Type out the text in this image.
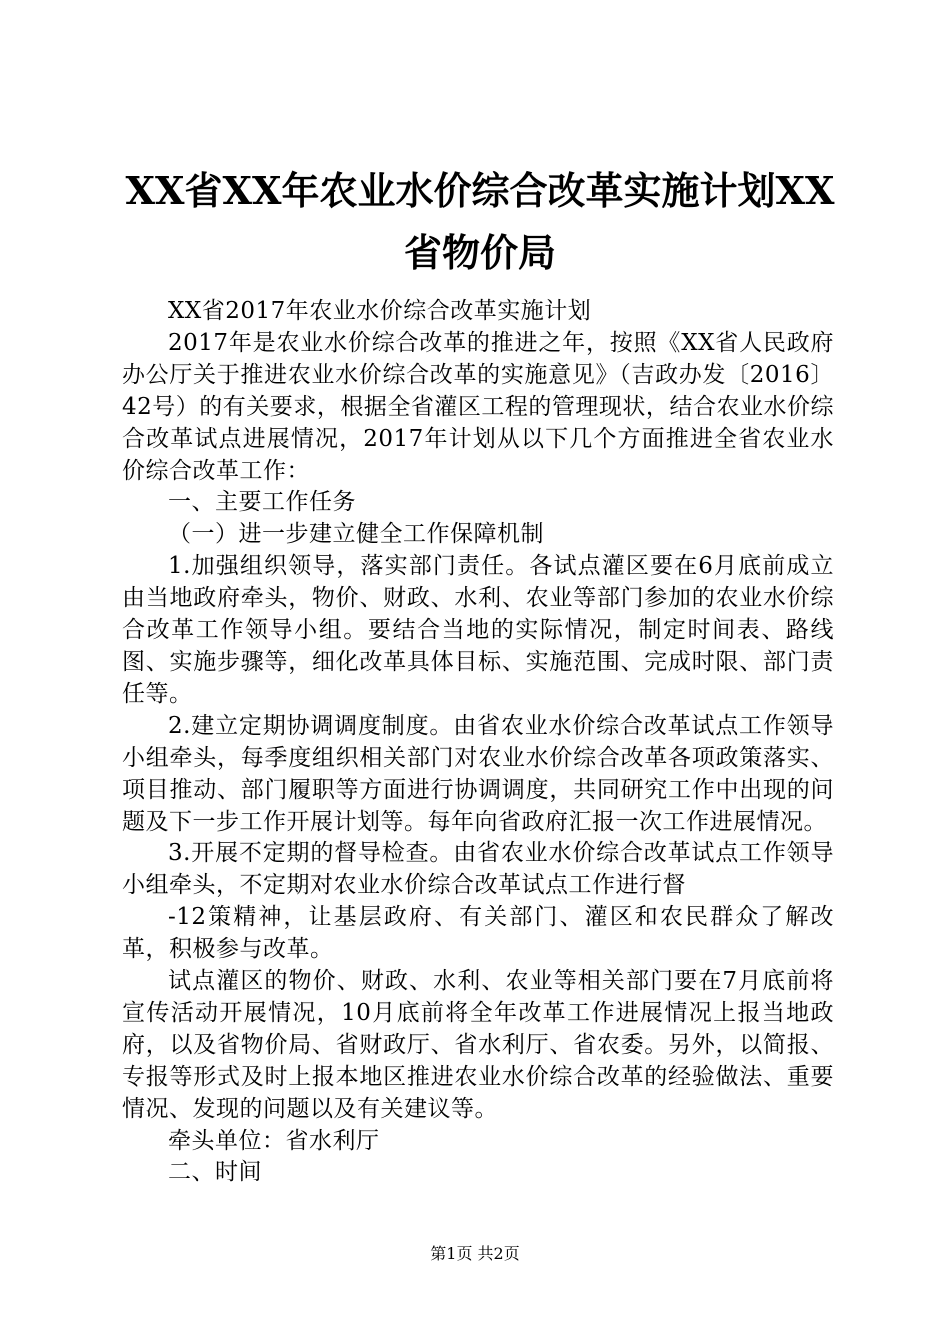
XX省XX年农业水价综合改革实施计划XX省物价局

XX省2017年农业水价综合改革实施计划

2017年是农业水价综合改革的推进之年，按照《XX省人民政府办公厅关于推进农业水价综合改革的实施意见》（吉政办发〔2016〕42号）的有关要求，根据全省灌区工程的管理现状，结合农业水价综合改革试点进展情况，2017年计划从以下几个方面推进全省农业水价综合改革工作：

一、主要工作任务

（一）进一步建立健全工作保障机制

1.加强组织领导，落实部门责任。各试点灌区要在6月底前成立由当地政府牵头，物价、财政、水利、农业等部门参加的农业水价综合改革工作领导小组。要结合当地的实际情况，制定时间表、路线图、实施步骤等，细化改革具体目标、实施范围、完成时限、部门责任等。

2.建立定期协调调度制度。由省农业水价综合改革试点工作领导小组牵头，每季度组织相关部门对农业水价综合改革各项政策落实、项目推动、部门履职等方面进行协调调度，共同研究工作中出现的问题及下一步工作开展计划等。每年向省政府汇报一次工作进展情况。

3.开展不定期的督导检查。由省农业水价综合改革试点工作领导小组牵头，不定期对农业水价综合改革试点工作进行督

-12策精神，让基层政府、有关部门、灌区和农民群众了解改革，积极参与改革。

试点灌区的物价、财政、水利、农业等相关部门要在7月底前将宣传活动开展情况，10月底前将全年改革工作进展情况上报当地政府，以及省物价局、省财政厅、省水利厅、省农委。另外，以简报、专报等形式及时上报本地区推进农业水价综合改革的经验做法、重要情况、发现的问题以及有关建议等。

牵头单位：省水利厅

二、时间

第1页 共2页
